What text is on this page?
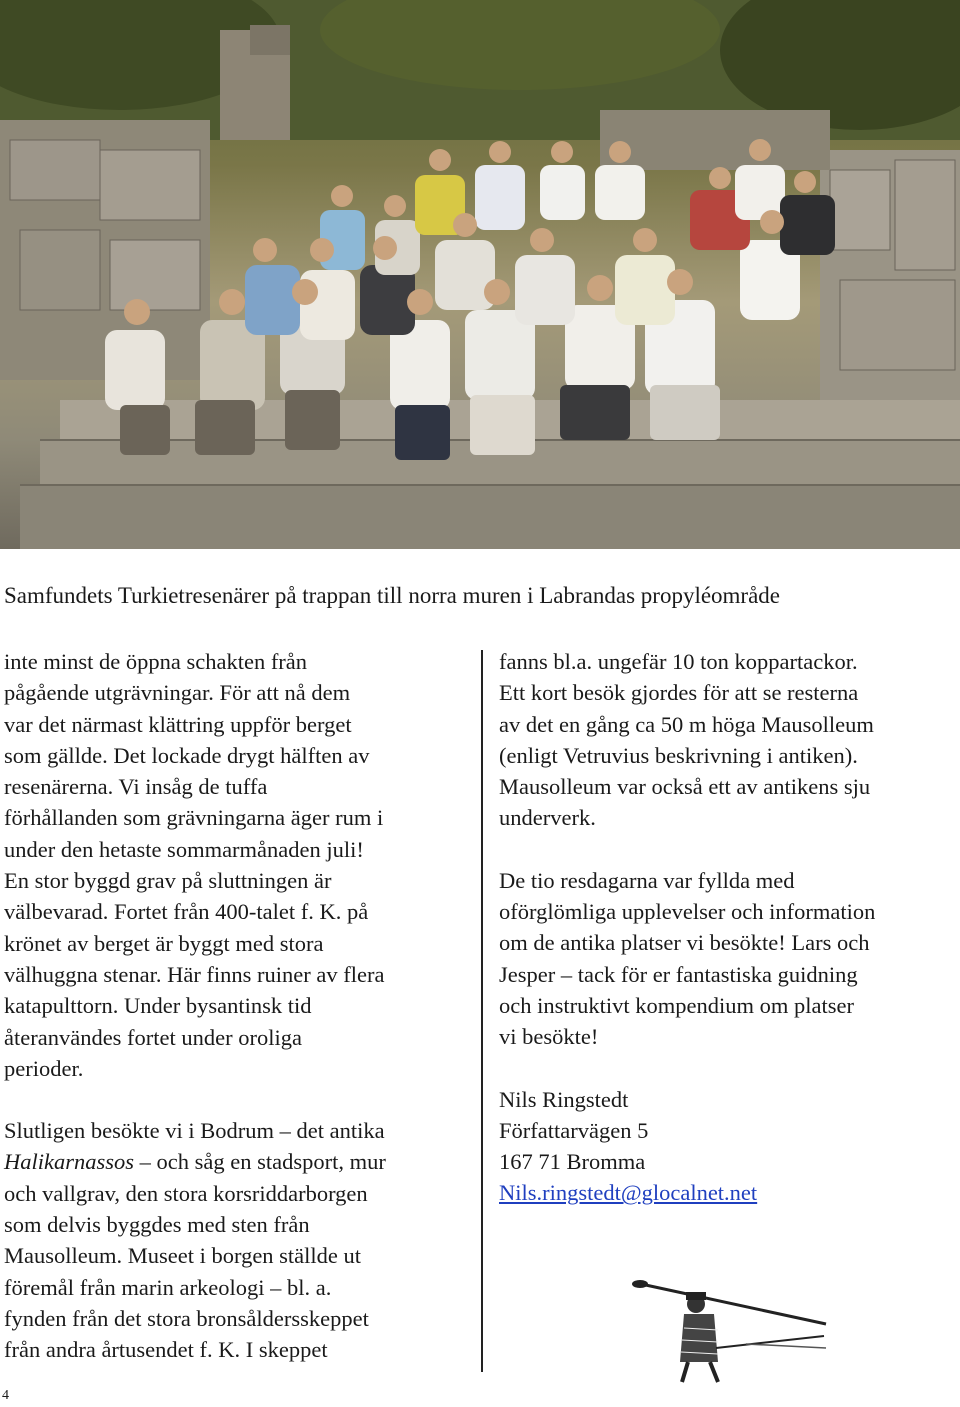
Samfundets Turkietresenärer på trappan till norra muren i Labrandas propyléområde

inte minst de öppna schakten från
pågående utgrävningar. För att nå dem
var det närmast klättring uppför berget
som gällde. Det lockade drygt hälften av
resenärerna. Vi insåg de tuffa
förhållanden som grävningarna äger rum i
under den hetaste sommarmånaden juli!
En stor byggd grav på sluttningen är
välbevarad. Fortet från 400-talet f. K. på
krönet av berget är byggt med stora
välhuggna stenar. Här finns ruiner av flera
katapulttorn. Under bysantinsk tid
återanvändes fortet under oroliga
perioder.

Slutligen besökte vi i Bodrum – det antika
Halikarnassos – och såg en stadsport, mur
och vallgrav, den stora korsriddarborgen
som delvis byggdes med sten från
Mausolleum. Museet i borgen ställde ut
föremål från marin arkeologi – bl. a.
fynden från det stora bronsåldersskeppet
från andra årtusendet f. K. I skeppet

fanns bl.a. ungefär 10 ton koppartackor.
Ett kort besök gjordes för att se resterna
av det en gång ca 50 m höga Mausolleum
(enligt Vetruvius beskrivning i antiken).
Mausolleum var också ett av antikens sju
underverk.

De tio resdagarna var fyllda med
oförglömliga upplevelser och information
om de antika platser vi besökte! Lars och
Jesper – tack för er fantastiska guidning
och instruktivt kompendium om platser
vi besökte!

Nils Ringstedt
Författarvägen 5
167 71 Bromma
Nils.ringstedt@glocalnet.net

4
